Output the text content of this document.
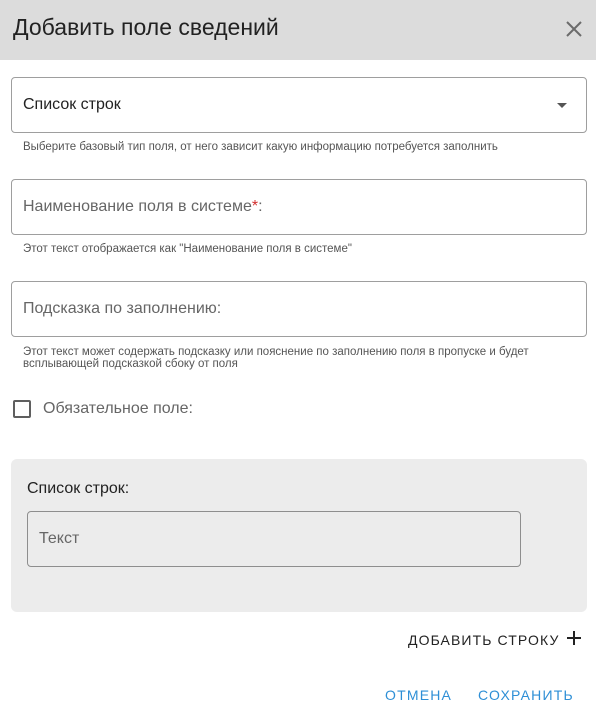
Добавить поле сведений
Список строк
Выберите базовый тип поля, от него зависит какую информацию потребуется заполнить
Наименование поля в системе*:
Этот текст отображается как "Наименование поля в системе"
Подсказка по заполнению:
Этот текст может содержать подсказку или пояснение по заполнению поля в пропуске и будет всплывающей подсказкой сбоку от поля
Обязательное поле:
Список строк:
Текст
ДОБАВИТЬ СТРОКУ
ОТМЕНА СОХРАНИТЬ
